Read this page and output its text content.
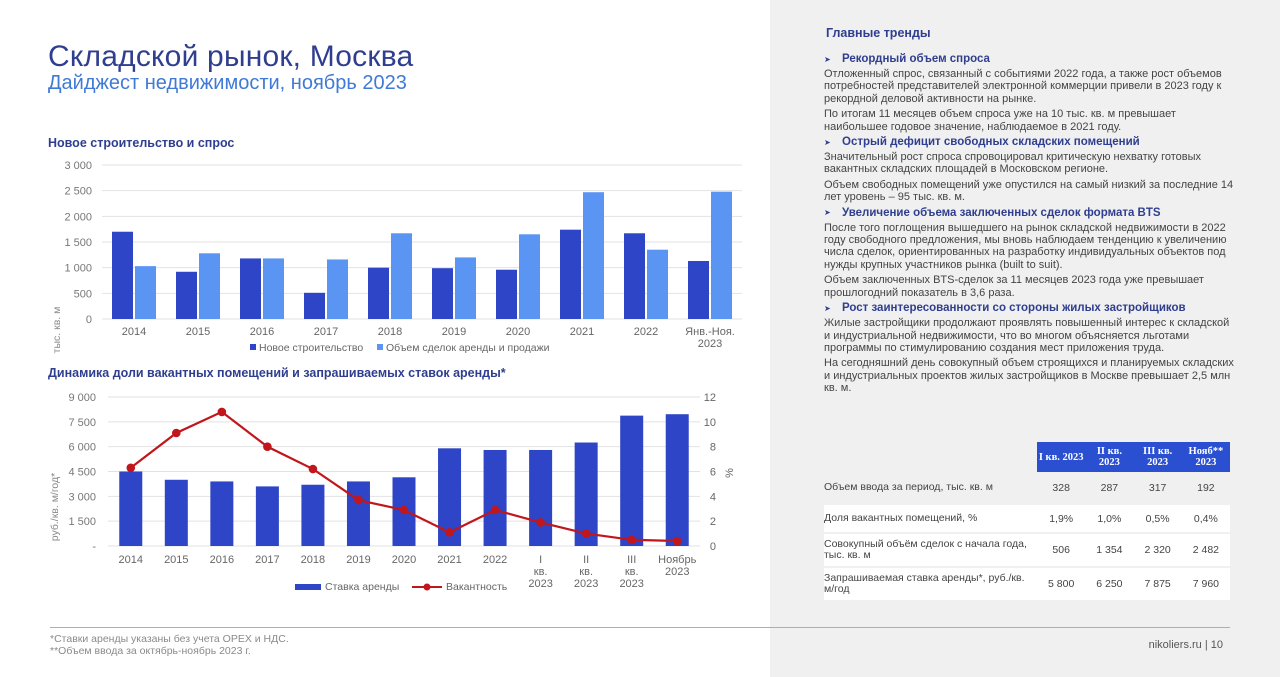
Складской рынок, Москва
Дайджест недвижимости, ноябрь 2023
Новое строительство и спрос
Динамика доли вакантных помещений и запрашиваемых ставок аренды*
3 000
2 500
2 000
1 500
1 000
500
0
тыс. кв. м	2014	2015	2016	2017	2018	2019	2020	2021	2022 Янв.-Ноя.
2023
Новое строительство Объем сделок аренды и продажи
9 000
7 500
6 000
4 500
3 000
1 500
-
12
10
8
6
4
2
0
руб./кв. м/год*	%
2014 2015 2016 2017 2018 2019 2020 2021 2022	I
кв.
2023
II
кв.
2023
III
кв.
2023
Ноябрь
2023
Ставка аренды	Вакантность
Главные тренды
➤ Рекордный объем спроса
Отложенный спрос, связанный с событиями 2022 года, а также рост объемов потребностей представителей электронной коммерции привели в 2023 году к рекордной деловой активности на рынке.
По итогам 11 месяцев объем спроса уже на 10 тыс. кв. м превышает наибольшее годовое значение, наблюдаемое в 2021 году.
➤ Острый дефицит свободных складских помещений
Значительный рост спроса спровоцировал критическую нехватку готовых вакантных складских площадей в Московском регионе.
Объем свободных помещений уже опустился на самый низкий за последние 14 лет уровень – 95 тыс. кв. м.
➤ Увеличение объема заключенных сделок формата BTS
После того поглощения вышедшего на рынок складской недвижимости в 2022 году свободного предложения, мы вновь наблюдаем тенденцию к увеличению числа сделок, ориентированных на разработку индивидуальных объектов под нужды крупных участников рынка (built to suit).
Объем заключенных BTS-сделок за 11 месяцев 2023 года уже превышает прошлогодний показатель в 3,6 раза.
➤ Рост заинтересованности со стороны жилых застройщиков
Жилые застройщики продолжают проявлять повышенный интерес к складской и индустриальной недвижимости, что во многом объясняется льготами программы по стимулированию создания мест приложения труда.
На сегодняшний день совокупный объем строящихся и планируемых складских и индустриальных проектов жилых застройщиков в Москве превышает 2,5 млн кв. м.
	I кв. 2023	II кв. 2023	III кв. 2023	Нояб** 2023
Объем ввода за период, тыс. кв. м	328	287	317	192
Доля вакантных помещений, %	1,9%	1,0%	0,5%	0,4%
Совокупный объём сделок с начала года, тыс. кв. м	506	1 354	2 320	2 482
Запрашиваемая ставка аренды*, руб./кв. м/год	5 800	6 250	7 875	7 960
*Ставки аренды указаны без учета OPEX и НДС.
**Объем ввода за октябрь-ноябрь 2023 г.	nikoliers.ru | 10
